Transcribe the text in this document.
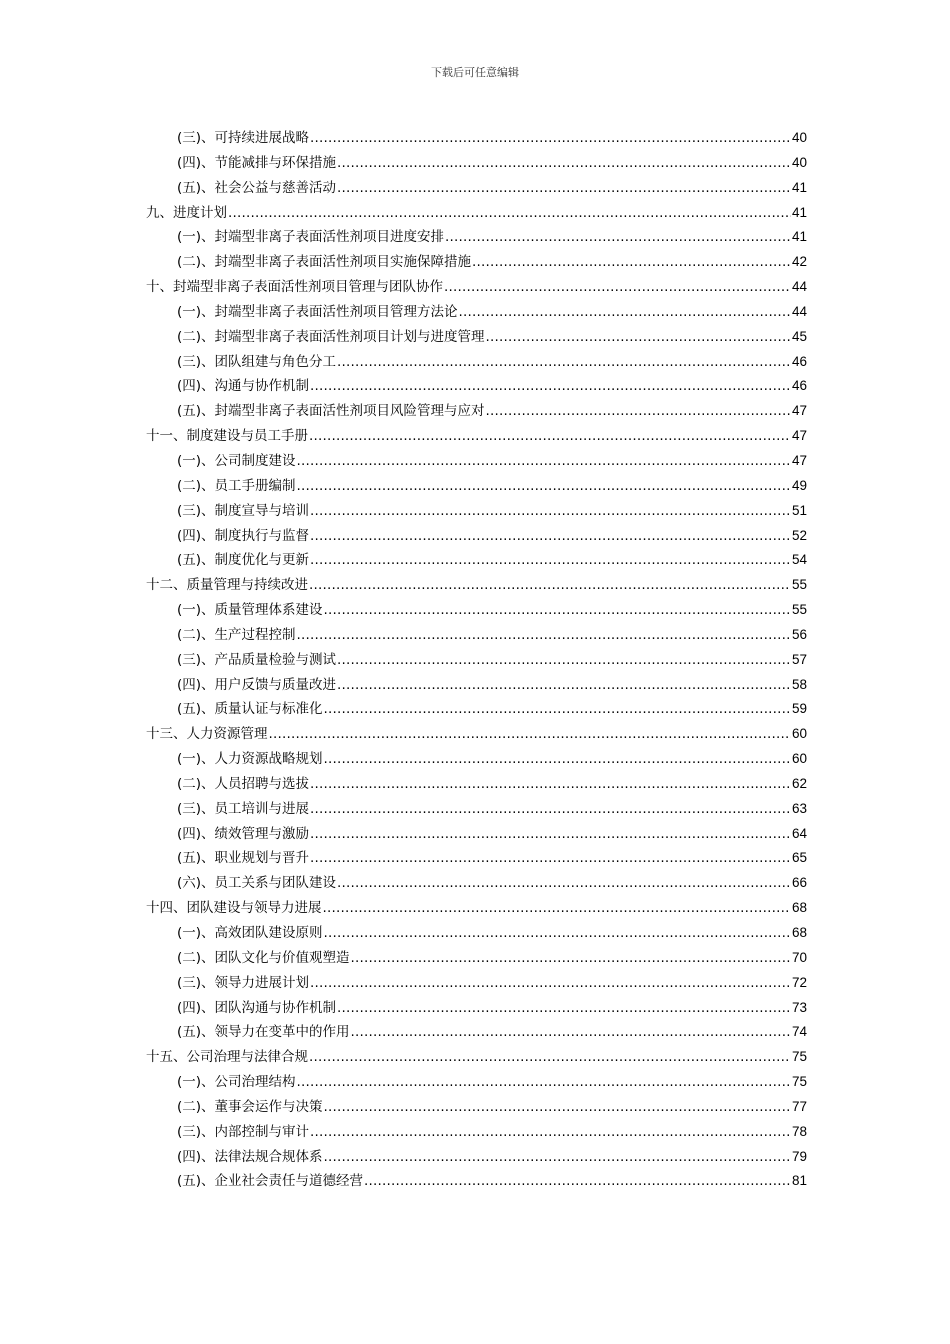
下载后可任意编辑
(三)、可持续进展战略 .....	40
(四)、节能减排与环保措施 .....	40
(五)、社会公益与慈善活动 .....	41
九、进度计划 .....	41
(一)、封端型非离子表面活性剂项目进度安排 .....	41
(二)、封端型非离子表面活性剂项目实施保障措施 .....	42
十、封端型非离子表面活性剂项目管理与团队协作 .....	44
(一)、封端型非离子表面活性剂项目管理方法论 .....	44
(二)、封端型非离子表面活性剂项目计划与进度管理 .....	45
(三)、团队组建与角色分工 .....	46
(四)、沟通与协作机制 .....	46
(五)、封端型非离子表面活性剂项目风险管理与应对 .....	47
十一、制度建设与员工手册 .....	47
(一)、公司制度建设 .....	47
(二)、员工手册编制 .....	49
(三)、制度宣导与培训 .....	51
(四)、制度执行与监督 .....	52
(五)、制度优化与更新 .....	54
十二、质量管理与持续改进 .....	55
(一)、质量管理体系建设 .....	55
(二)、生产过程控制 .....	56
(三)、产品质量检验与测试 .....	57
(四)、用户反馈与质量改进 .....	58
(五)、质量认证与标准化 .....	59
十三、人力资源管理 .....	60
(一)、人力资源战略规划 .....	60
(二)、人员招聘与选拔 .....	62
(三)、员工培训与进展 .....	63
(四)、绩效管理与激励 .....	64
(五)、职业规划与晋升 .....	65
(六)、员工关系与团队建设 .....	66
十四、团队建设与领导力进展 .....	68
(一)、高效团队建设原则 .....	68
(二)、团队文化与价值观塑造 .....	70
(三)、领导力进展计划 .....	72
(四)、团队沟通与协作机制 .....	73
(五)、领导力在变革中的作用 .....	74
十五、公司治理与法律合规 .....	75
(一)、公司治理结构 .....	75
(二)、董事会运作与决策 .....	77
(三)、内部控制与审计 .....	78
(四)、法律法规合规体系 .....	79
(五)、企业社会责任与道德经营 .....	81
